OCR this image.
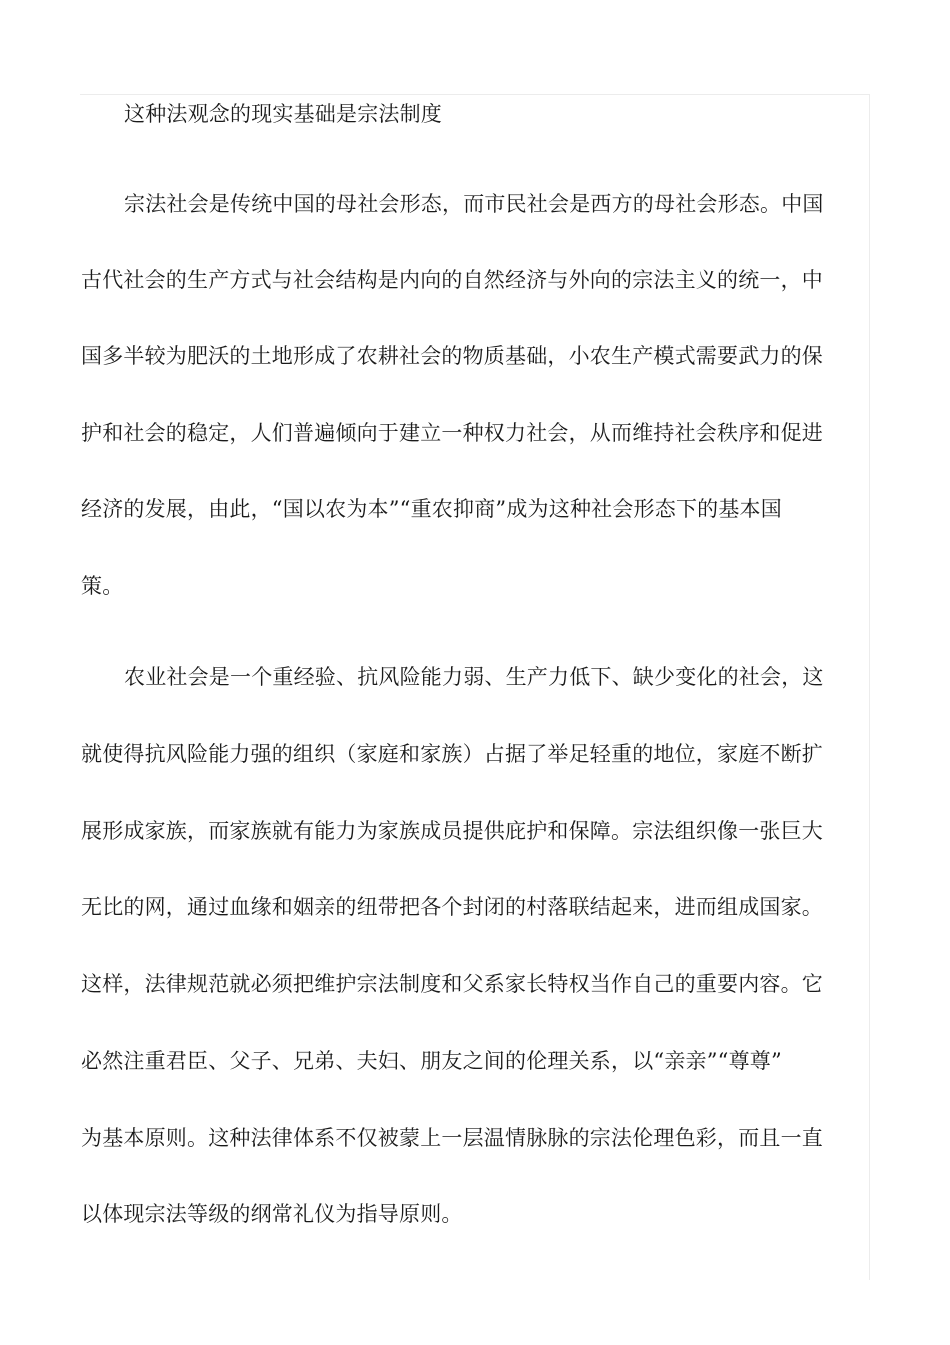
这种法观念的现实基础是宗法制度
宗法社会是传统中国的母社会形态，而市民社会是西方的母社会形态。中国
古代社会的生产方式与社会结构是内向的自然经济与外向的宗法主义的统一，中
国多半较为肥沃的土地形成了农耕社会的物质基础，小农生产模式需要武力的保
护和社会的稳定，人们普遍倾向于建立一种权力社会，从而维持社会秩序和促进
经济的发展，由此，“国以农为本”“重农抑商”成为这种社会形态下的基本国
策。
农业社会是一个重经验、抗风险能力弱、生产力低下、缺少变化的社会，这
就使得抗风险能力强的组织（家庭和家族）占据了举足轻重的地位，家庭不断扩
展形成家族，而家族就有能力为家族成员提供庇护和保障。宗法组织像一张巨大
无比的网，通过血缘和姻亲的纽带把各个封闭的村落联结起来，进而组成国家。
这样，法律规范就必须把维护宗法制度和父系家长特权当作自己的重要内容。它
必然注重君臣、父子、兄弟、夫妇、朋友之间的伦理关系，以“亲亲”“尊尊”
为基本原则。这种法律体系不仅被蒙上一层温情脉脉的宗法伦理色彩，而且一直
以体现宗法等级的纲常礼仪为指导原则。
